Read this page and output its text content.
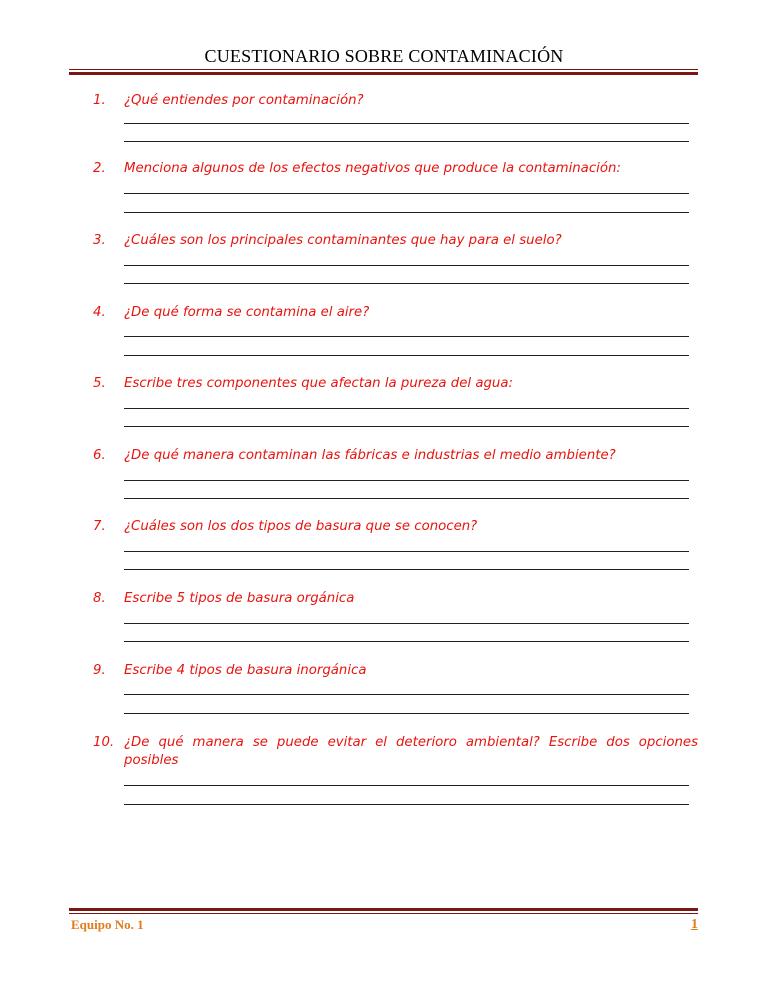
CUESTIONARIO SOBRE CONTAMINACIÓN
1. ¿Qué entiendes por contaminación?
2. Menciona algunos de los efectos negativos que produce la contaminación:
3. ¿Cuáles son los principales contaminantes que hay para el suelo?
4. ¿De qué forma se contamina el aire?
5. Escribe tres componentes que afectan la pureza del agua:
6. ¿De qué manera contaminan las fábricas e industrias el medio ambiente?
7. ¿Cuáles son los dos tipos de basura que se conocen?
8. Escribe 5 tipos de basura orgánica
9. Escribe 4 tipos de basura inorgánica
10. ¿De qué manera se puede evitar el deterioro ambiental? Escribe dos opciones posibles
Equipo No. 1	1
